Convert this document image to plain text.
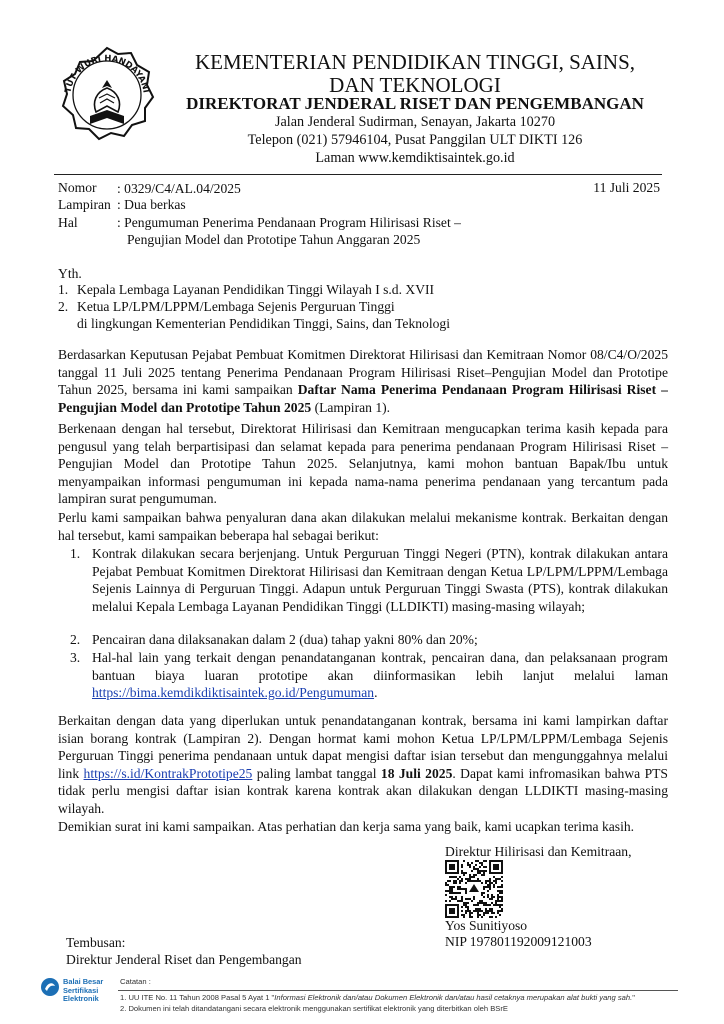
TUT WURI HANDAYANI
KEMENTERIAN PENDIDIKAN TINGGI, SAINS,
DAN TEKNOLOGI
DIREKTORAT JENDERAL RISET DAN PENGEMBANGAN
Jalan Jenderal Sudirman, Senayan, Jakarta 10270
Telepon (021) 57946104, Pusat Panggilan ULT DIKTI 126
Laman www.kemdiktisaintek.go.id
11 Juli 2025
Nomor : 0329/C4/AL.04/2025
Lampiran : Dua berkas
Hal	: Pengumuman Penerima Pendanaan Program Hilirisasi Riset –
Pengujian Model dan Prototipe Tahun Anggaran 2025
Yth.
1. Kepala Lembaga Layanan Pendidikan Tinggi Wilayah I s.d. XVII
2. Ketua LP/LPM/LPPM/Lembaga Sejenis Perguruan Tinggi
di lingkungan Kementerian Pendidikan Tinggi, Sains, dan Teknologi
Berdasarkan Keputusan Pejabat Pembuat Komitmen Direktorat Hilirisasi dan Kemitraan Nomor 08/C4/O/2025 tanggal 11 Juli 2025 tentang Penerima Pendanaan Program Hilirisasi Riset–Pengujian Model dan Prototipe Tahun 2025, bersama ini kami sampaikan Daftar Nama Penerima Pendanaan Program Hilirisasi Riset – Pengujian Model dan Prototipe Tahun 2025 (Lampiran 1).
Berkenaan dengan hal tersebut, Direktorat Hilirisasi dan Kemitraan mengucapkan terima kasih kepada para pengusul yang telah berpartisipasi dan selamat kepada para penerima pendanaan Program Hilirisasi Riset – Pengujian Model dan Prototipe Tahun 2025. Selanjutnya, kami mohon bantuan Bapak/Ibu untuk menyampaikan informasi pengumuman ini kepada nama-nama penerima pendanaan yang tercantum pada lampiran surat pengumuman.
Perlu kami sampaikan bahwa penyaluran dana akan dilakukan melalui mekanisme kontrak. Berkaitan dengan hal tersebut, kami sampaikan beberapa hal sebagai berikut:
1. Kontrak dilakukan secara berjenjang. Untuk Perguruan Tinggi Negeri (PTN), kontrak dilakukan antara Pejabat Pembuat Komitmen Direktorat Hilirisasi dan Kemitraan dengan Ketua LP/LPM/LPPM/Lembaga Sejenis Lainnya di Perguruan Tinggi. Adapun untuk Perguruan Tinggi Swasta (PTS), kontrak dilakukan melalui Kepala Lembaga Layanan Pendidikan Tinggi (LLDIKTI) masing-masing wilayah;
2. Pencairan dana dilaksanakan dalam 2 (dua) tahap yakni 80% dan 20%;
3. Hal-hal lain yang terkait dengan penandatanganan kontrak, pencairan dana, dan pelaksanaan program bantuan biaya luaran prototipe akan diinformasikan lebih lanjut melalui laman https://bima.kemdikdiktisaintek.go.id/Pengumuman.
Berkaitan dengan data yang diperlukan untuk penandatanganan kontrak, bersama ini kami lampirkan daftar isian borang kontrak (Lampiran 2). Dengan hormat kami mohon Ketua LP/LPM/LPPM/Lembaga Sejenis Perguruan Tinggi penerima pendanaan untuk dapat mengisi daftar isian tersebut dan mengunggahnya melalui link https://s.id/KontrakPrototipe25 paling lambat tanggal 18 Juli 2025. Dapat kami infromasikan bahwa PTS tidak perlu mengisi daftar isian kontrak karena kontrak akan dilakukan dengan LLDIKTI masing-masing wilayah.
Demikian surat ini kami sampaikan. Atas perhatian dan kerja sama yang baik, kami ucapkan terima kasih.
Direktur Hilirisasi dan Kemitraan,
Yos Sunitiyoso
NIP 197801192009121003
Tembusan:
Direktur Jenderal Riset dan Pengembangan
Balai Besar
Sertifikasi
Elektronik
Catatan :
1. UU ITE No. 11 Tahun 2008 Pasal 5 Ayat 1 "Informasi Elektronik dan/atau Dokumen Elektronik dan/atau hasil cetaknya merupakan alat bukti yang sah."
2. Dokumen ini telah ditandatangani secara elektronik menggunakan sertifikat elektronik yang diterbitkan oleh BSrE
